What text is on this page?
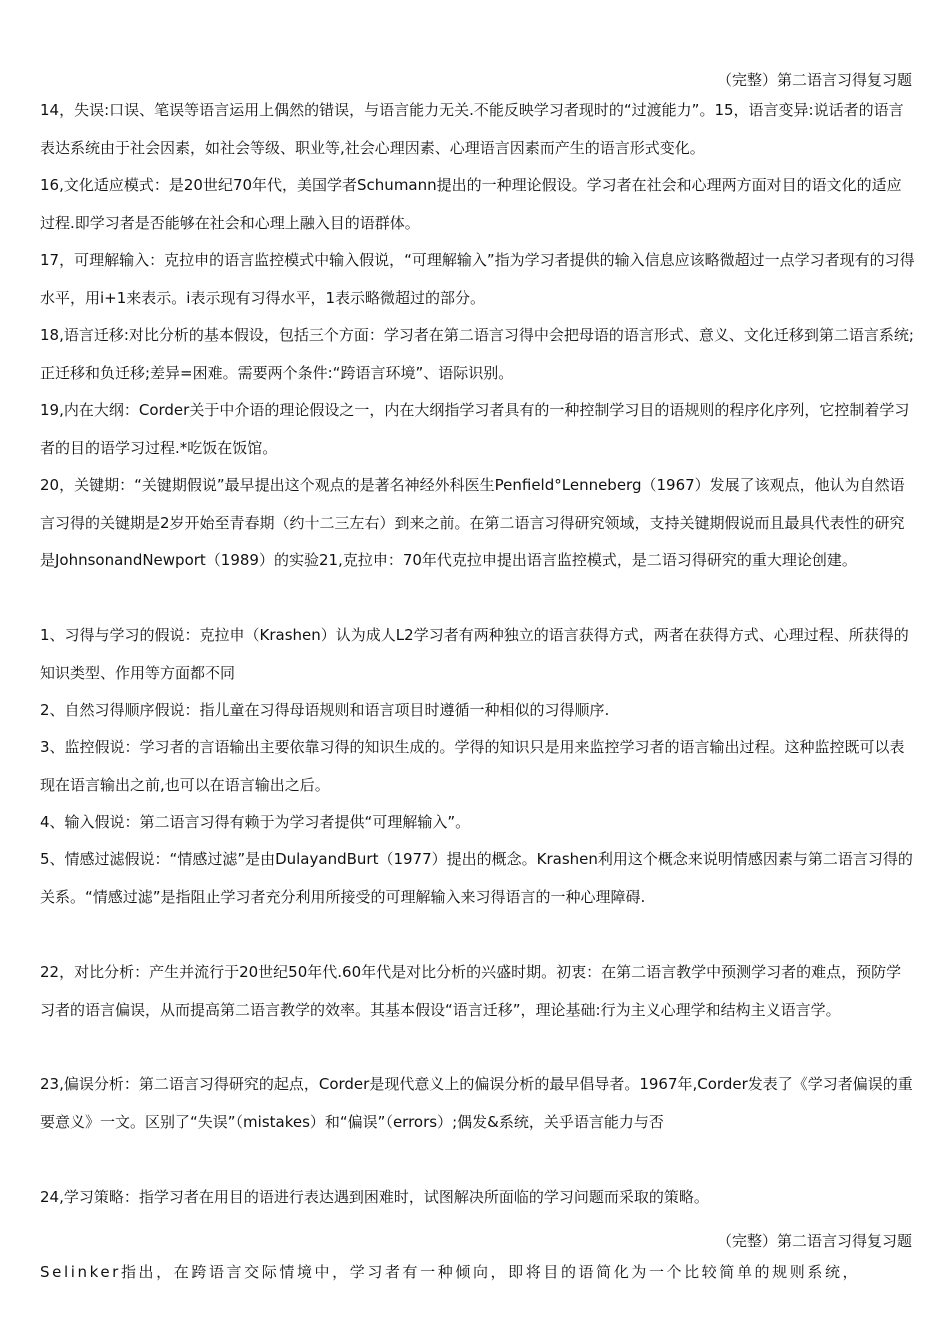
（完整）第二语言习得复习题
14，失误:口误、笔误等语言运用上偶然的错误，与语言能力无关.不能反映学习者现时的“过渡能力”。15，语言变异:说话者的语言表达系统由于社会因素，如社会等级、职业等,社会心理因素、心理语言因素而产生的语言形式变化。
16,文化适应模式：是20世纪70年代，美国学者Schumann提出的一种理论假设。学习者在社会和心理两方面对目的语文化的适应过程.即学习者是否能够在社会和心理上融入目的语群体。
17，可理解输入：克拉申的语言监控模式中输入假说，“可理解输入”指为学习者提供的输入信息应该略微超过一点学习者现有的习得水平，用i+1来表示。i表示现有习得水平，1表示略微超过的部分。
18,语言迁移:对比分析的基本假设，包括三个方面：学习者在第二语言习得中会把母语的语言形式、意义、文化迁移到第二语言系统;正迁移和负迁移;差异=困难。需要两个条件:“跨语言环境”、语际识别。
19,内在大纲：Corder关于中介语的理论假设之一，内在大纲指学习者具有的一种控制学习目的语规则的程序化序列，它控制着学习者的目的语学习过程.*吃饭在饭馆。
20，关键期：“关键期假说”最早提出这个观点的是著名神经外科医生Penfield°Lenneberg（1967）发展了该观点，他认为自然语言习得的关键期是2岁开始至青春期（约十二三左右）到来之前。在第二语言习得研究领域，支持关键期假说而且最具代表性的研究是JohnsonandNewport（1989）的实验21,克拉申：70年代克拉申提出语言监控模式，是二语习得研究的重大理论创建。
1、习得与学习的假说：克拉申（Krashen）认为成人L2学习者有两种独立的语言获得方式，两者在获得方式、心理过程、所获得的知识类型、作用等方面都不同
2、自然习得顺序假说：指儿童在习得母语规则和语言项目时遵循一种相似的习得顺序.
3、监控假说：学习者的言语输出主要依靠习得的知识生成的。学得的知识只是用来监控学习者的语言输出过程。这种监控既可以表现在语言输出之前,也可以在语言输出之后。
4、输入假说：第二语言习得有赖于为学习者提供“可理解输入”。
5、情感过滤假说：“情感过滤”是由DulayandBurt（1977）提出的概念。Krashen利用这个概念来说明情感因素与第二语言习得的关系。“情感过滤”是指阻止学习者充分利用所接受的可理解输入来习得语言的一种心理障碍.
22，对比分析：产生并流行于20世纪50年代.60年代是对比分析的兴盛时期。初衷：在第二语言教学中预测学习者的难点，预防学习者的语言偏误，从而提高第二语言教学的效率。其基本假设“语言迁移”，理论基础:行为主义心理学和结构主义语言学。
23,偏误分析：第二语言习得研究的起点，Corder是现代意义上的偏误分析的最早倡导者。1967年,Corder发表了《学习者偏误的重要意义》一文。区别了“失误”（mistakes）和“偏误”（errors）;偶发&系统，关乎语言能力与否
24,学习策略：指学习者在用目的语进行表达遇到困难时，试图解决所面临的学习问题而采取的策略。
（完整）第二语言习得复习题
Selinker指出，在跨语言交际情境中，学习者有一种倾向，即将目的语简化为一个比较简单的规则系统，
